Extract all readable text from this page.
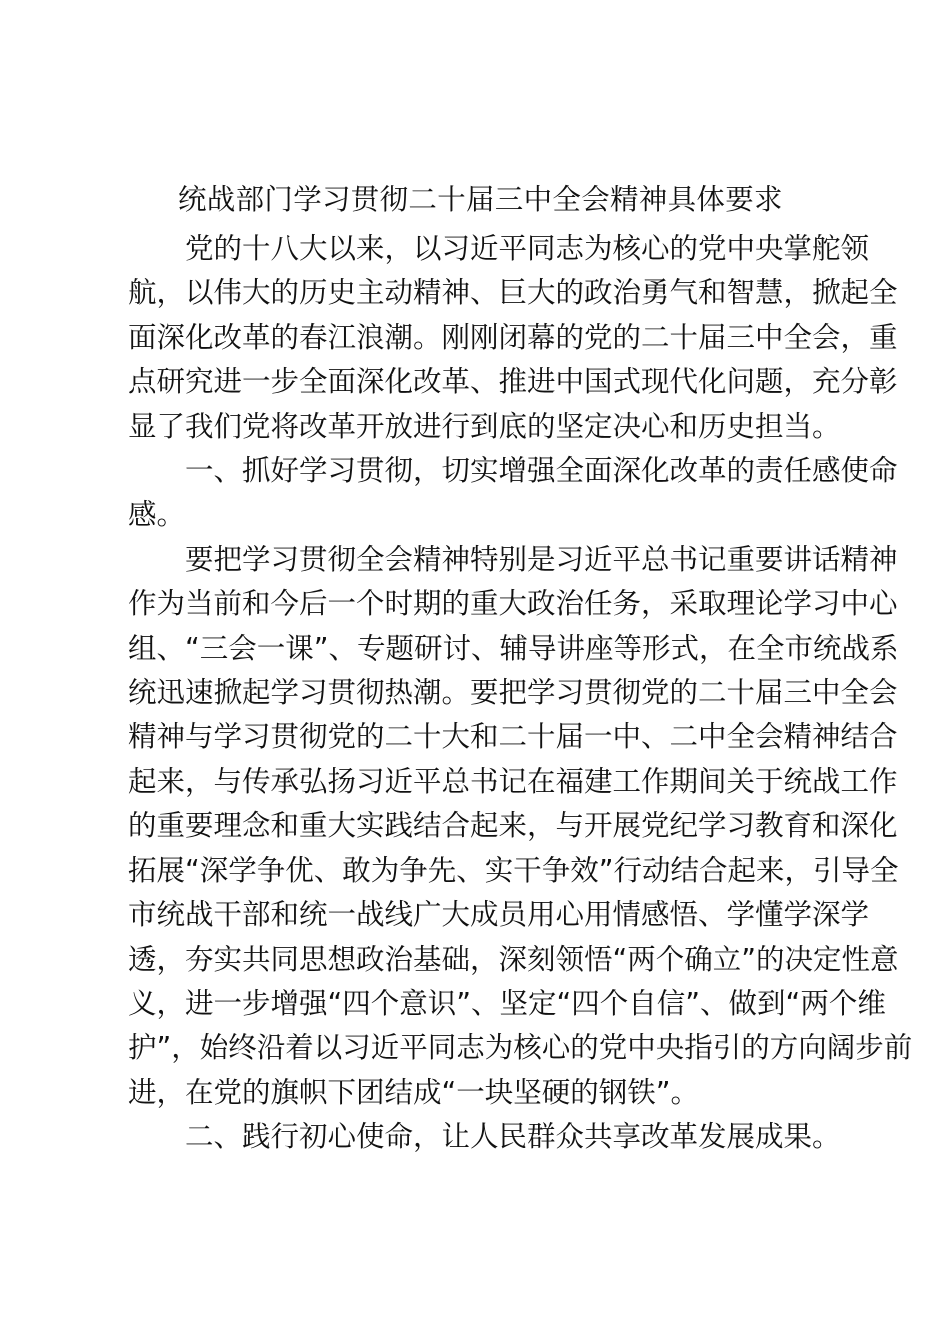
统战部门学习贯彻二十届三中全会精神具体要求

党的十八大以来，以习近平同志为核心的党中央掌舵领
航，以伟大的历史主动精神、巨大的政治勇气和智慧，掀起全
面深化改革的春江浪潮。刚刚闭幕的党的二十届三中全会，重
点研究进一步全面深化改革、推进中国式现代化问题，充分彰
显了我们党将改革开放进行到底的坚定决心和历史担当。

一、抓好学习贯彻，切实增强全面深化改革的责任感使命
感。

要把学习贯彻全会精神特别是习近平总书记重要讲话精神
作为当前和今后一个时期的重大政治任务，采取理论学习中心
组、“三会一课”、专题研讨、辅导讲座等形式，在全市统战系
统迅速掀起学习贯彻热潮。要把学习贯彻党的二十届三中全会
精神与学习贯彻党的二十大和二十届一中、二中全会精神结合
起来，与传承弘扬习近平总书记在福建工作期间关于统战工作
的重要理念和重大实践结合起来，与开展党纪学习教育和深化
拓展“深学争优、敢为争先、实干争效”行动结合起来，引导全
市统战干部和统一战线广大成员用心用情感悟、学懂学深学
透，夯实共同思想政治基础，深刻领悟“两个确立”的决定性意
义，进一步增强“四个意识”、坚定“四个自信”、做到“两个维
护”，始终沿着以习近平同志为核心的党中央指引的方向阔步前
进，在党的旗帜下团结成“一块坚硬的钢铁”。

二、践行初心使命，让人民群众共享改革发展成果。
